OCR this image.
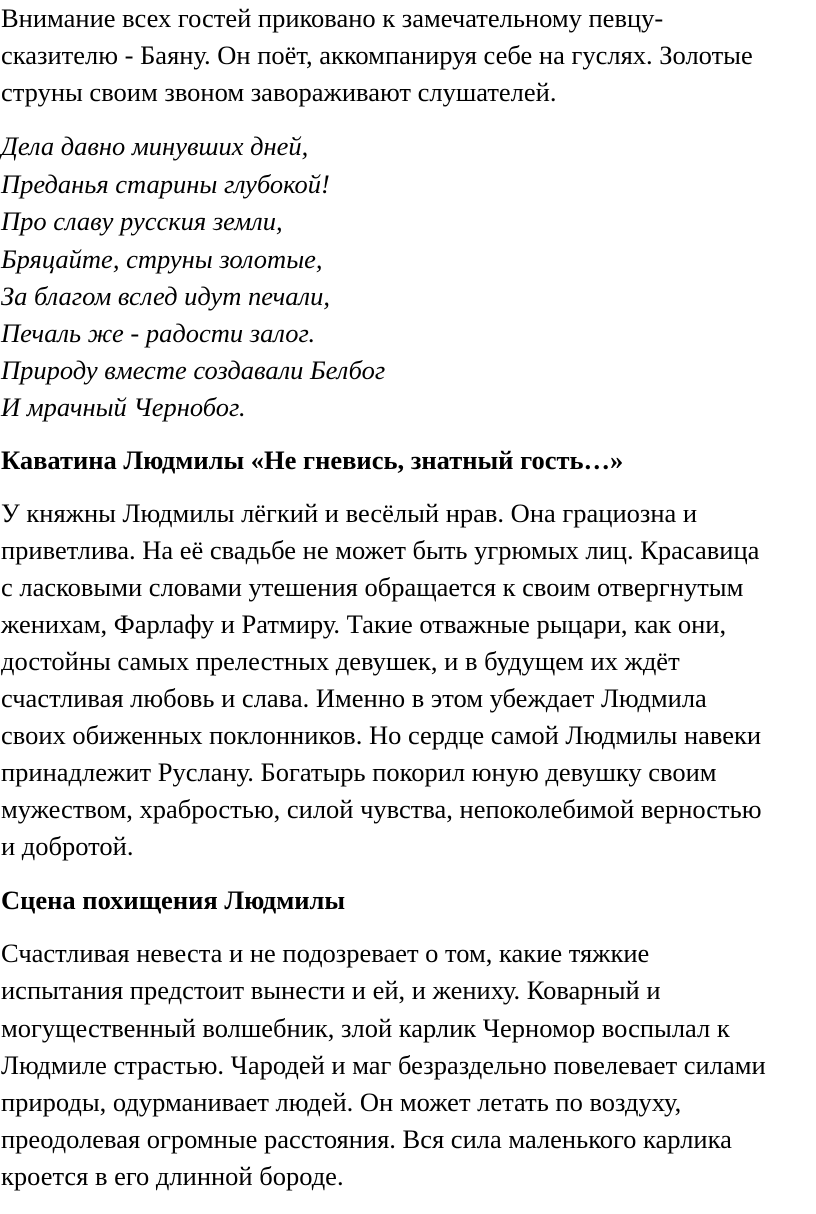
Внимание всех гостей приковано к замечательному певцу-
сказителю - Баяну. Он поёт, аккомпанируя себе на гуслях. Золотые
струны своим звоном завораживают слушателей.
Дела давно минувших дней,
Преданья старины глубокой!
Про славу русския земли,
Бряцайте, струны золотые,
За благом вслед идут печали,
Печаль же - радости залог.
Природу вместе создавали Белбог
И мрачный Чернобог.
Каватина Людмилы «Не гневись, знатный гость…»
У княжны Людмилы лёгкий и весёлый нрав. Она грациозна и
приветлива. На её свадьбе не может быть угрюмых лиц. Красавица
с ласковыми словами утешения обращается к своим отвергнутым
женихам, Фарлафу и Ратмиру. Такие отважные рыцари, как они,
достойны самых прелестных девушек, и в будущем их ждёт
счастливая любовь и слава. Именно в этом убеждает Людмила
своих обиженных поклонников. Но сердце самой Людмилы навеки
принадлежит Руслану. Богатырь покорил юную девушку своим
мужеством, храбростью, силой чувства, непоколебимой верностью
и добротой.
Сцена похищения Людмилы
Счастливая невеста и не подозревает о том, какие тяжкие
испытания предстоит вынести и ей, и жениху. Коварный и
могущественный волшебник, злой карлик Черномор воспылал к
Людмиле страстью. Чародей и маг безраздельно повелевает силами
природы, одурманивает людей. Он может летать по воздуху,
преодолевая огромные расстояния. Вся сила маленького карлика
кроется в его длинной бороде.
